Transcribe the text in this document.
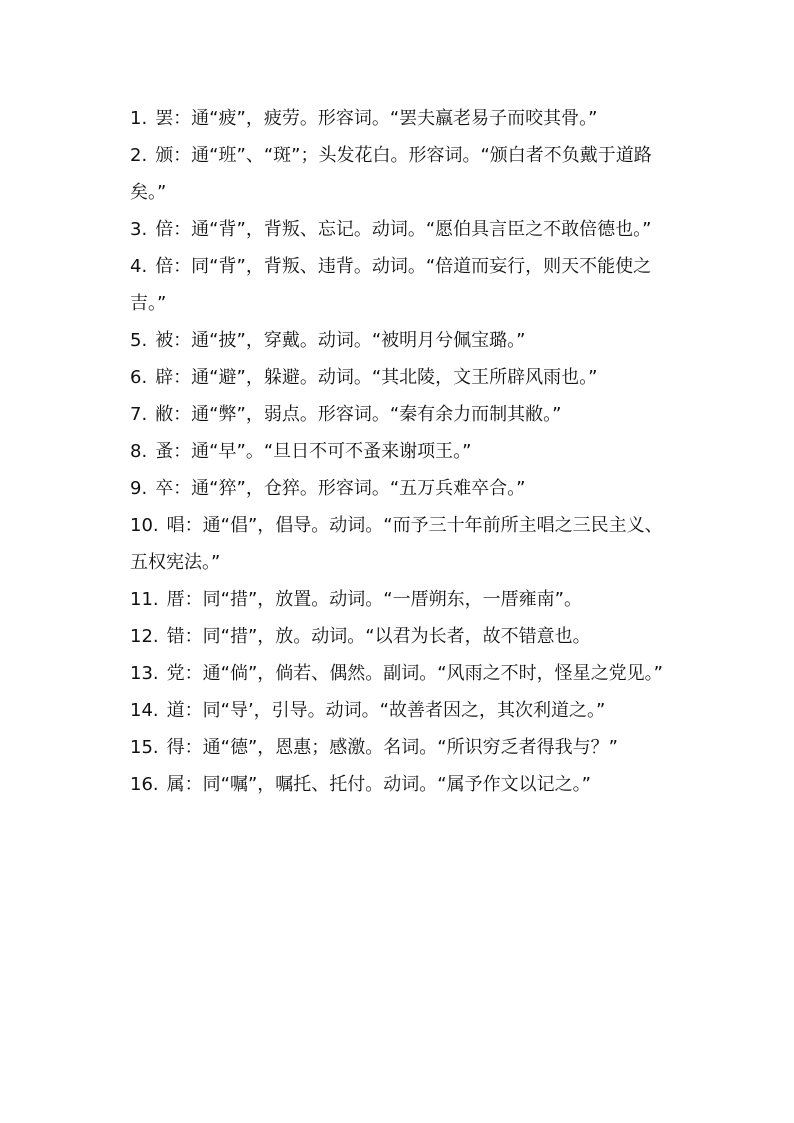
1. 罢：通“疲”，疲劳。形容词。“罢夫羸老易子而咬其骨。”

2. 颁：通“班”、“斑”；头发花白。形容词。“颁白者不负戴于道路矣。”

3. 倍：通“背”，背叛、忘记。动词。“愿伯具言臣之不敢倍德也。”

4. 倍：同“背”，背叛、违背。动词。“倍道而妄行，则天不能使之吉。”

5. 被：通“披”，穿戴。动词。“被明月兮佩宝璐。”

6. 辟：通“避”，躲避。动词。“其北陵，文王所辟风雨也。”

7. 敝：通“弊”，弱点。形容词。“秦有余力而制其敝。”

8. 蚤：通“早”。“旦日不可不蚤来谢项王。”

9. 卒：通“猝”，仓猝。形容词。“五万兵难卒合。”

10. 唱：通“倡”，倡导。动词。“而予三十年前所主唱之三民主义、五权宪法。”

11. 厝：同“措”，放置。动词。“一厝朔东，一厝雍南”。

12. 错：同“措”，放。动词。“以君为长者，故不错意也。

13. 党：通“倘”，倘若、偶然。副词。“风雨之不时，怪星之党见。”

14. 道：同“导’，引导。动词。“故善者因之，其次利道之。”

15. 得：通“德”，恩惠；感激。名词。“所识穷乏者得我与？”

16. 属：同“嘱”，嘱托、托付。动词。“属予作文以记之。”
